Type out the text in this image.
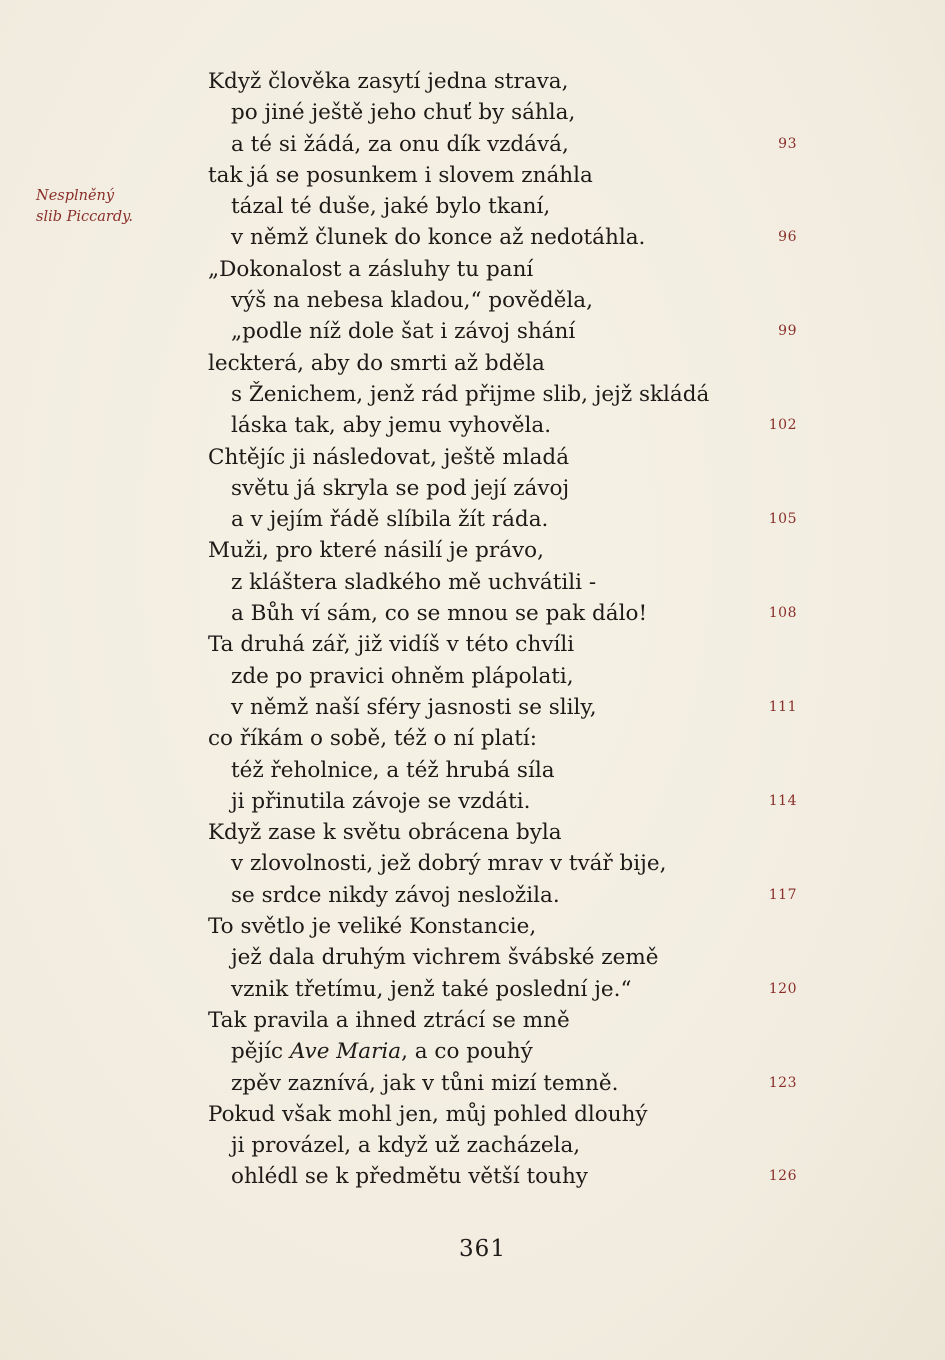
Nesplněný
slib Piccardy.
Když člověka zasytí jedna strava,
po jiné ještě jeho chuť by sáhla,
a té si žádá, za onu dík vzdává,	93
tak já se posunkem i slovem znáhla
tázal té duše, jaké bylo tkaní,
v němž člunek do konce až nedotáhla.	96
„Dokonalost a zásluhy tu paní
výš na nebesa kladou,“ pověděla,
„podle níž dole šat i závoj shání	99
leckterá, aby do smrti až bděla
s Ženichem, jenž rád přijme slib, jejž skládá
láska tak, aby jemu vyhověla.	102
Chtějíc ji následovat, ještě mladá
světu já skryla se pod její závoj
a v jejím řádě slíbila žít ráda.	105
Muži, pro které násilí je právo,
z kláštera sladkého mě uchvátili -
a Bůh ví sám, co se mnou se pak dálo!	108
Ta druhá zář, již vidíš v této chvíli
zde po pravici ohněm plápolati,
v němž naší sféry jasnosti se slily,	111
co říkám o sobě, též o ní platí:
též řeholnice, a též hrubá síla
ji přinutila závoje se vzdáti.	114
Když zase k světu obrácena byla
v zlovolnosti, jež dobrý mrav v tvář bije,
se srdce nikdy závoj nesložila.	117
To světlo je veliké Konstancie,
jež dala druhým vichrem švábské země
vznik třetímu, jenž také poslední je.“	120
Tak pravila a ihned ztrácí se mně
pějíc Ave Maria, a co pouhý
zpěv zaznívá, jak v tůni mizí temně.	123
Pokud však mohl jen, můj pohled dlouhý
ji provázel, a když už zacházela,
ohlédl se k předmětu větší touhy	126
361
